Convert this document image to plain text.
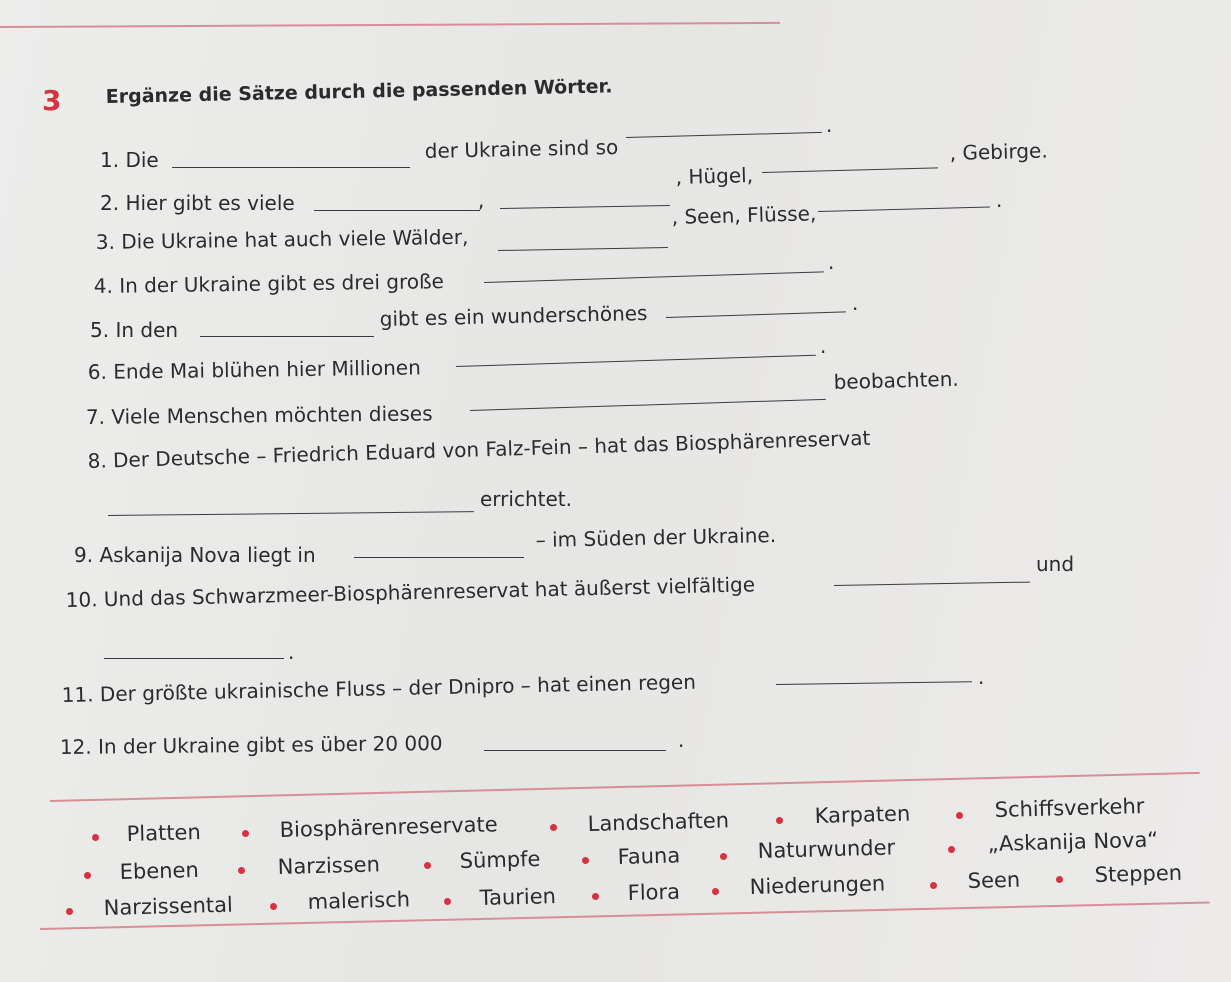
​
3 Ergänze die Sätze durch die passenden Wörter.
1. Die	der Ukraine sind so
.
, Hügel,
, Gebirge.
2. Hier gibt es viele	,	.
3. Die Ukraine hat auch viele Wälder,
, Seen, Flüsse,
4. In der Ukraine gibt es drei große
.
5. In den	gibt es ein wunderschönes	.
6. Ende Mai blühen hier Millionen
.
7. Viele Menschen möchten dieses
beobachten.
8. Der Deutsche – Friedrich Eduard von Falz-Fein – hat das Biosphärenreservat
errichtet.
9. Askanija Nova liegt in
– im Süden der Ukraine.
10. Und das Schwarzmeer-Biosphärenreservat hat äußerst vielfältige
und
.
11. Der größte ukrainische Fluss – der Dnipro – hat einen regen	.
12. In der Ukraine gibt es über 20 000	.
Platten	Biosphärenreservate	Landschaften	Karpaten	Schiffsverkehr
Ebenen	Narzissen	Sümpfe	Fauna	Naturwunder	„Askanija Nova“
Narzissental	malerisch	Taurien	Flora	Niederungen	Seen	Steppen
